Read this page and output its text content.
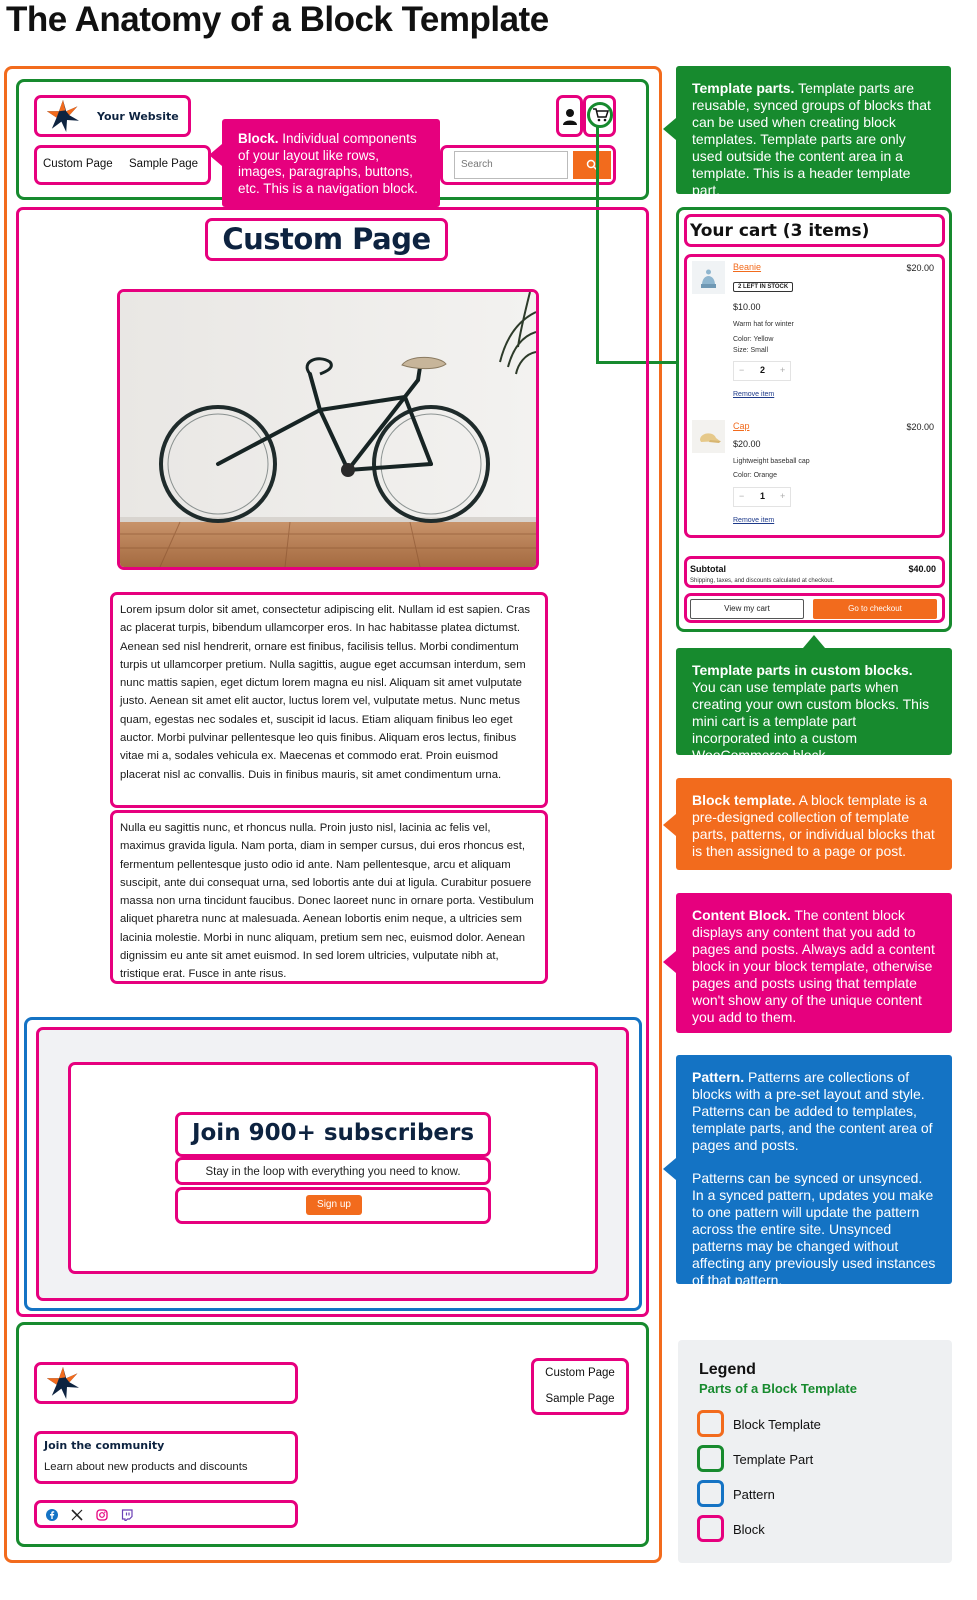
The Anatomy of a Block Template
Your Website
Custom Page Sample Page
Block. Individual components of your layout like rows, images, paragraphs, buttons, etc. This is a navigation block.
Search
Custom Page
Lorem ipsum dolor sit amet, consectetur adipiscing elit. Nullam id est sapien. Cras ac placerat turpis, bibendum ullamcorper eros. In hac habitasse platea dictumst. Aenean sed nisl hendrerit, ornare est finibus, facilisis tellus. Morbi condimentum turpis ut ullamcorper pretium. Nulla sagittis, augue eget accumsan interdum, sem nunc mattis sapien, eget dictum lorem magna eu nisl. Aliquam sit amet vulputate justo. Aenean sit amet elit auctor, luctus lorem vel, vulputate metus. Nunc metus quam, egestas nec sodales et, suscipit id lacus. Etiam aliquam finibus leo eget auctor. Morbi pulvinar pellentesque leo quis finibus. Aliquam eros lectus, finibus vitae mi a, sodales vehicula ex. Maecenas et commodo erat. Proin euismod placerat nisl ac convallis. Duis in finibus mauris, sit amet condimentum urna.
Nulla eu sagittis nunc, et rhoncus nulla. Proin justo nisl, lacinia ac felis vel, maximus gravida ligula. Nam porta, diam in semper cursus, dui eros rhoncus est, fermentum pellentesque justo odio id ante. Nam pellentesque, arcu et aliquam suscipit, ante dui consequat urna, sed lobortis ante dui at ligula. Curabitur posuere massa non urna tincidunt faucibus. Donec laoreet nunc in ornare porta. Vestibulum aliquet pharetra nunc at malesuada. Aenean lobortis enim neque, a ultricies sem lacinia molestie. Morbi in nunc aliquam, pretium sem nec, euismod dolor. Aenean dignissim eu ante sit amet euismod. In sed lorem ultricies, vulputate nibh at, tristique erat. Fusce in ante risus.
Join 900+ subscribers
Stay in the loop with everything you need to know.
Sign up
Custom Page
Sample Page
Join the community
Learn about new products and discounts
Template parts. Template parts are reusable, synced groups of blocks that can be used when creating block templates. Template parts are only used outside the content area in a template. This is a header template part.
Your cart (3 items)
Beanie	$20.00
2 LEFT IN STOCK
$10.00
Warm hat for winter
Color: Yellow
Size: Small
− 2 +
Remove item
Cap	$20.00
$20.00
Lightweight baseball cap
Color: Orange
− 1 +
Remove item
Subtotal	$40.00
Shipping, taxes, and discounts calculated at checkout.
View my cart	Go to checkout
Template parts in custom blocks. You can use template parts when creating your own custom blocks. This mini cart is a template part incorporated into a custom WooCommerce block.
Block template. A block template is a pre-designed collection of template parts, patterns, or individual blocks that is then assigned to a page or post.
Content Block. The content block displays any content that you add to pages and posts. Always add a content block in your block template, otherwise pages and posts using that template won't show any of the unique content you add to them.
Pattern. Patterns are collections of blocks with a pre-set layout and style. Patterns can be added to templates, template parts, and the content area of pages and posts.
Patterns can be synced or unsynced. In a synced pattern, updates you make to one pattern will update the pattern across the entire site. Unsynced patterns may be changed without affecting any previously used instances of that pattern.
Legend
Parts of a Block Template
Block Template
Template Part
Pattern
Block
